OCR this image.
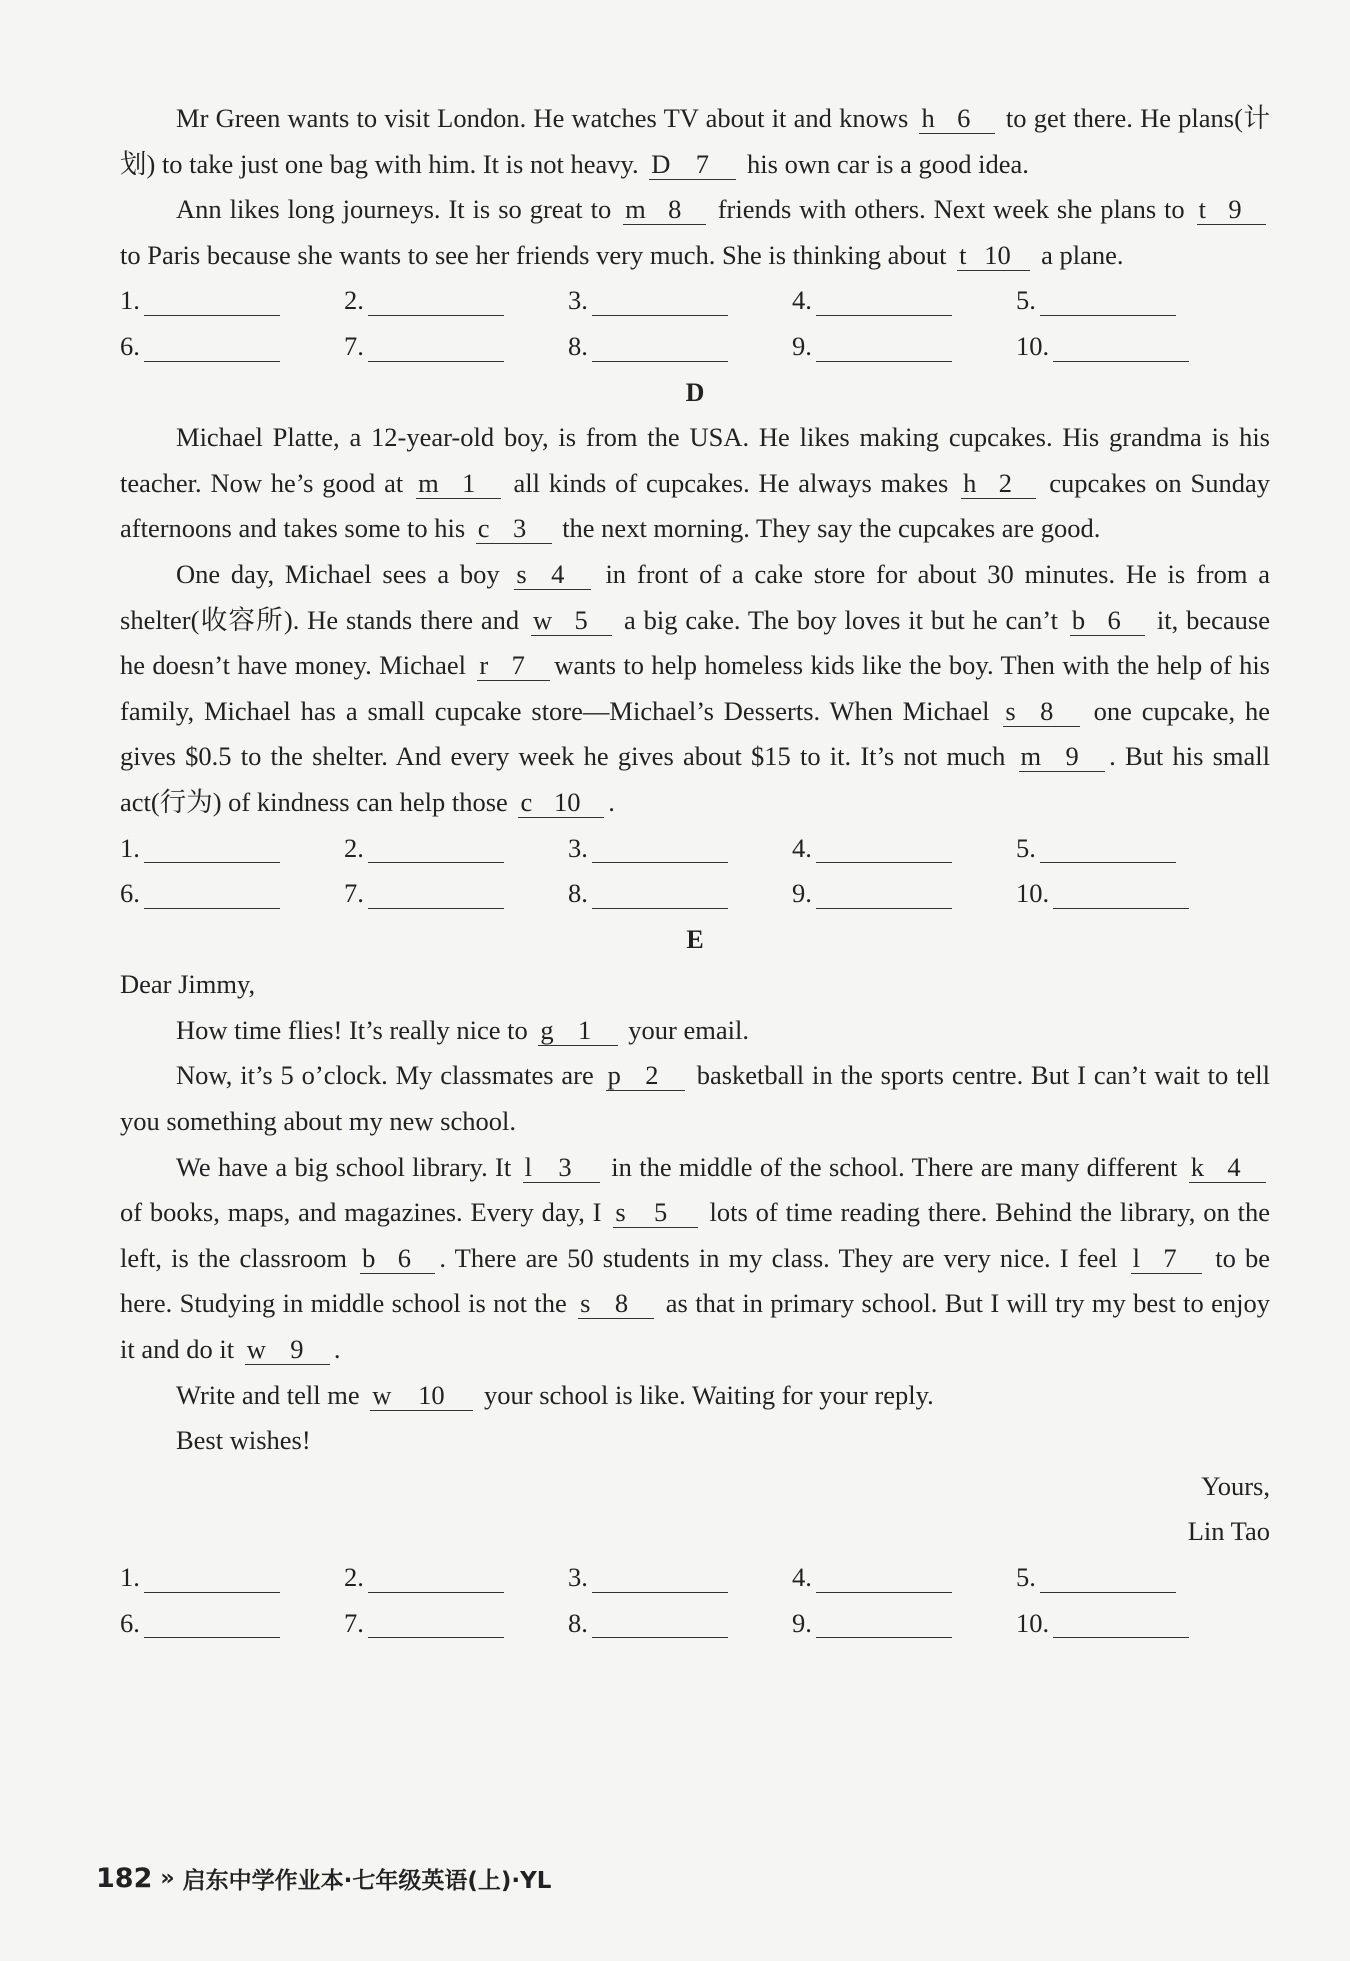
Mr Green wants to visit London. He watches TV about it and knows h 6 to get there. He plans(计划) to take just one bag with him. It is not heavy. D 7 his own car is a good idea.

Ann likes long journeys. It is so great to m 8 friends with others. Next week she plans to t 9 to Paris because she wants to see her friends very much. She is thinking about t 10 a plane.

1.	2.	3.	4.	5.
6.	7.	8.	9.	10.

D

Michael Platte, a 12-year-old boy, is from the USA. He likes making cupcakes. His grandma is his teacher. Now he’s good at m 1 all kinds of cupcakes. He always makes h 2 cupcakes on Sunday afternoons and takes some to his c 3 the next morning. They say the cupcakes are good.

One day, Michael sees a boy s 4 in front of a cake store for about 30 minutes. He is from a shelter(收容所). He stands there and w 5 a big cake. The boy loves it but he can’t b 6 it, because he doesn’t have money. Michael r 7 wants to help homeless kids like the boy. Then with the help of his family, Michael has a small cupcake store—Michael’s Desserts. When Michael s 8 one cupcake, he gives $0.5 to the shelter. And every week he gives about $15 to it. It’s not much m 9 . But his small act(行为) of kindness can help those c 10 .

1.	2.	3.	4.	5.
6.	7.	8.	9.	10.

E

Dear Jimmy,

How time flies! It’s really nice to g 1 your email.

Now, it’s 5 o’clock. My classmates are p 2 basketball in the sports centre. But I can’t wait to tell you something about my new school.

We have a big school library. It l 3 in the middle of the school. There are many different k 4 of books, maps, and magazines. Every day, I s 5 lots of time reading there. Behind the library, on the left, is the classroom b 6 . There are 50 students in my class. They are very nice. I feel l 7 to be here. Studying in middle school is not the s 8 as that in primary school. But I will try my best to enjoy it and do it w 9 .

Write and tell me w 10 your school is like. Waiting for your reply.

Best wishes!

Yours,

Lin Tao

1.	2.	3.	4.	5.
6.	7.	8.	9.	10.
182 » 启东中学作业本·七年级英语(上)·YL
